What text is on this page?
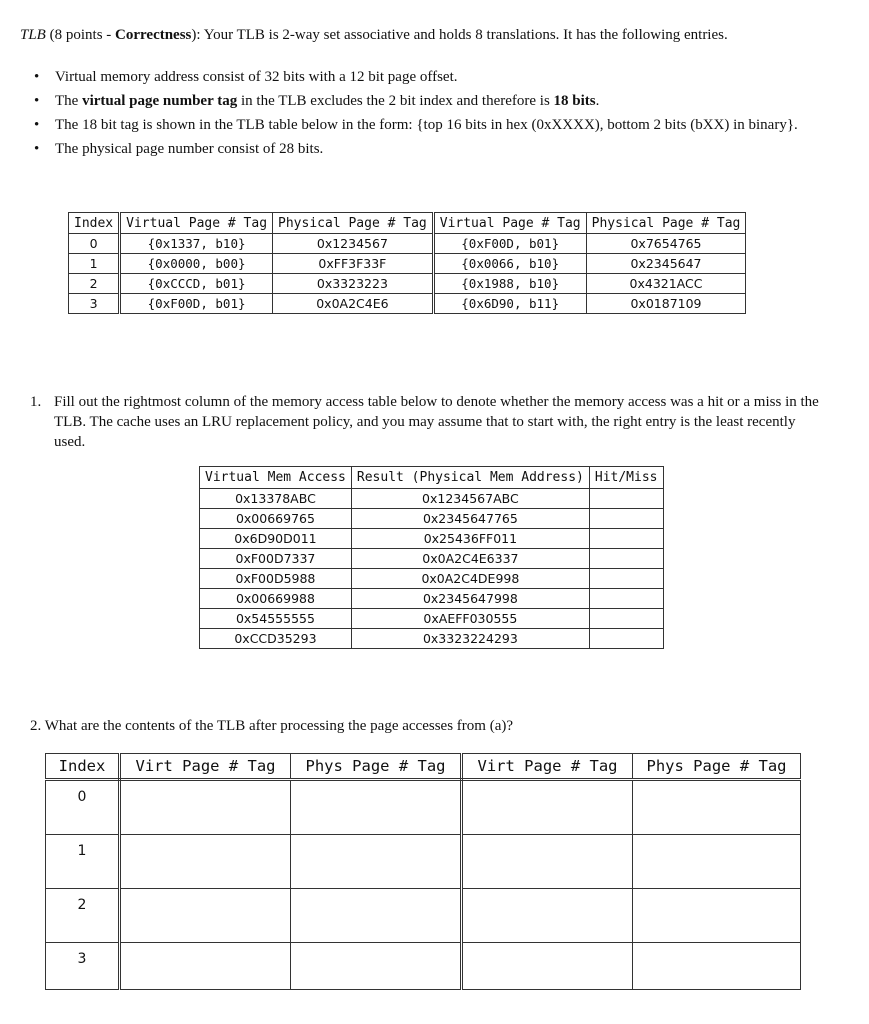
TLB (8 points - Correctness): Your TLB is 2-way set associative and holds 8 translations. It has the following entries.
• Virtual memory address consist of 32 bits with a 12 bit page offset.
• The virtual page number tag in the TLB excludes the 2 bit index and therefore is 18 bits.
• The 18 bit tag is shown in the TLB table below in the form: {top 16 bits in hex (0xXXXX), bottom 2 bits (bXX) in binary}.
• The physical page number consist of 28 bits.
Index	Virtual Page # Tag	Physical Page # Tag	Virtual Page # Tag	Physical Page # Tag
0	{0x1337, b10}	0x1234567	{0xF00D, b01}	0x7654765
1	{0x0000, b00}	0xFF3F33F	{0x0066, b10}	0x2345647
2	{0xCCCD, b01}	0x3323223	{0x1988, b10}	0x4321ACC
3	{0xF00D, b01}	0x0A2C4E6	{0x6D90, b11}	0x0187109
1. Fill out the rightmost column of the memory access table below to denote whether the memory access was a hit or a miss in the TLB. The cache uses an LRU replacement policy, and you may assume that to start with, the right entry is the least recently used.
Virtual Mem Access	Result (Physical Mem Address)	Hit/Miss
0x13378ABC	0x1234567ABC	
0x00669765	0x2345647765	
0x6D90D011	0x25436FF011	
0xF00D7337	0x0A2C4E6337	
0xF00D5988	0x0A2C4DE998	
0x00669988	0x2345647998	
0x54555555	0xAEFF030555	
0xCCD35293	0x3323224293	
2. What are the contents of the TLB after processing the page accesses from (a)?
Index	Virt Page # Tag	Phys Page # Tag	Virt Page # Tag	Phys Page # Tag
0				
1				
2				
3				
